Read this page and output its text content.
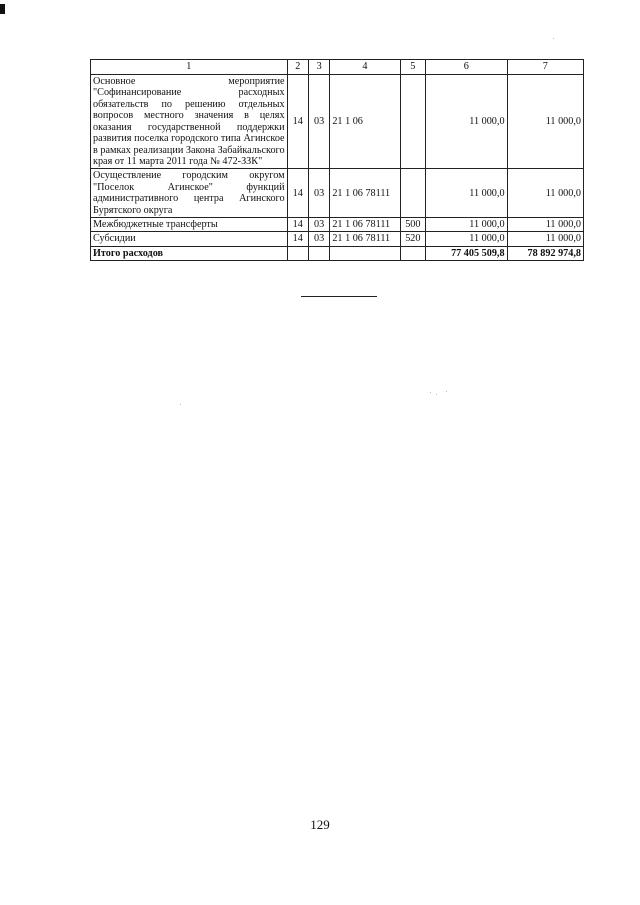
1	2	3	4	5	6	7
Основное мероприятие "Софинансирование расходных обязательств по решению отдельных вопросов местного значения в целях оказания государственной поддержки развития поселка городского типа Агинское в рамках реализации Закона Забайкальского края от 11 марта 2011 года № 472-ЗЗК"	14	03	21 1 06		11 000,0	11 000,0
Осуществление городским округом "Поселок Агинское" функций административного центра Агинского Бурятского округа	14	03	21 1 06 78111		11 000,0	11 000,0
Межбюджетные трансферты	14	03	21 1 06 78111	500	11 000,0	11 000,0
Субсидии	14	03	21 1 06 78111	520	11 000,0	11 000,0
Итого расходов					77 405 509,8	78 892 974,8
129
